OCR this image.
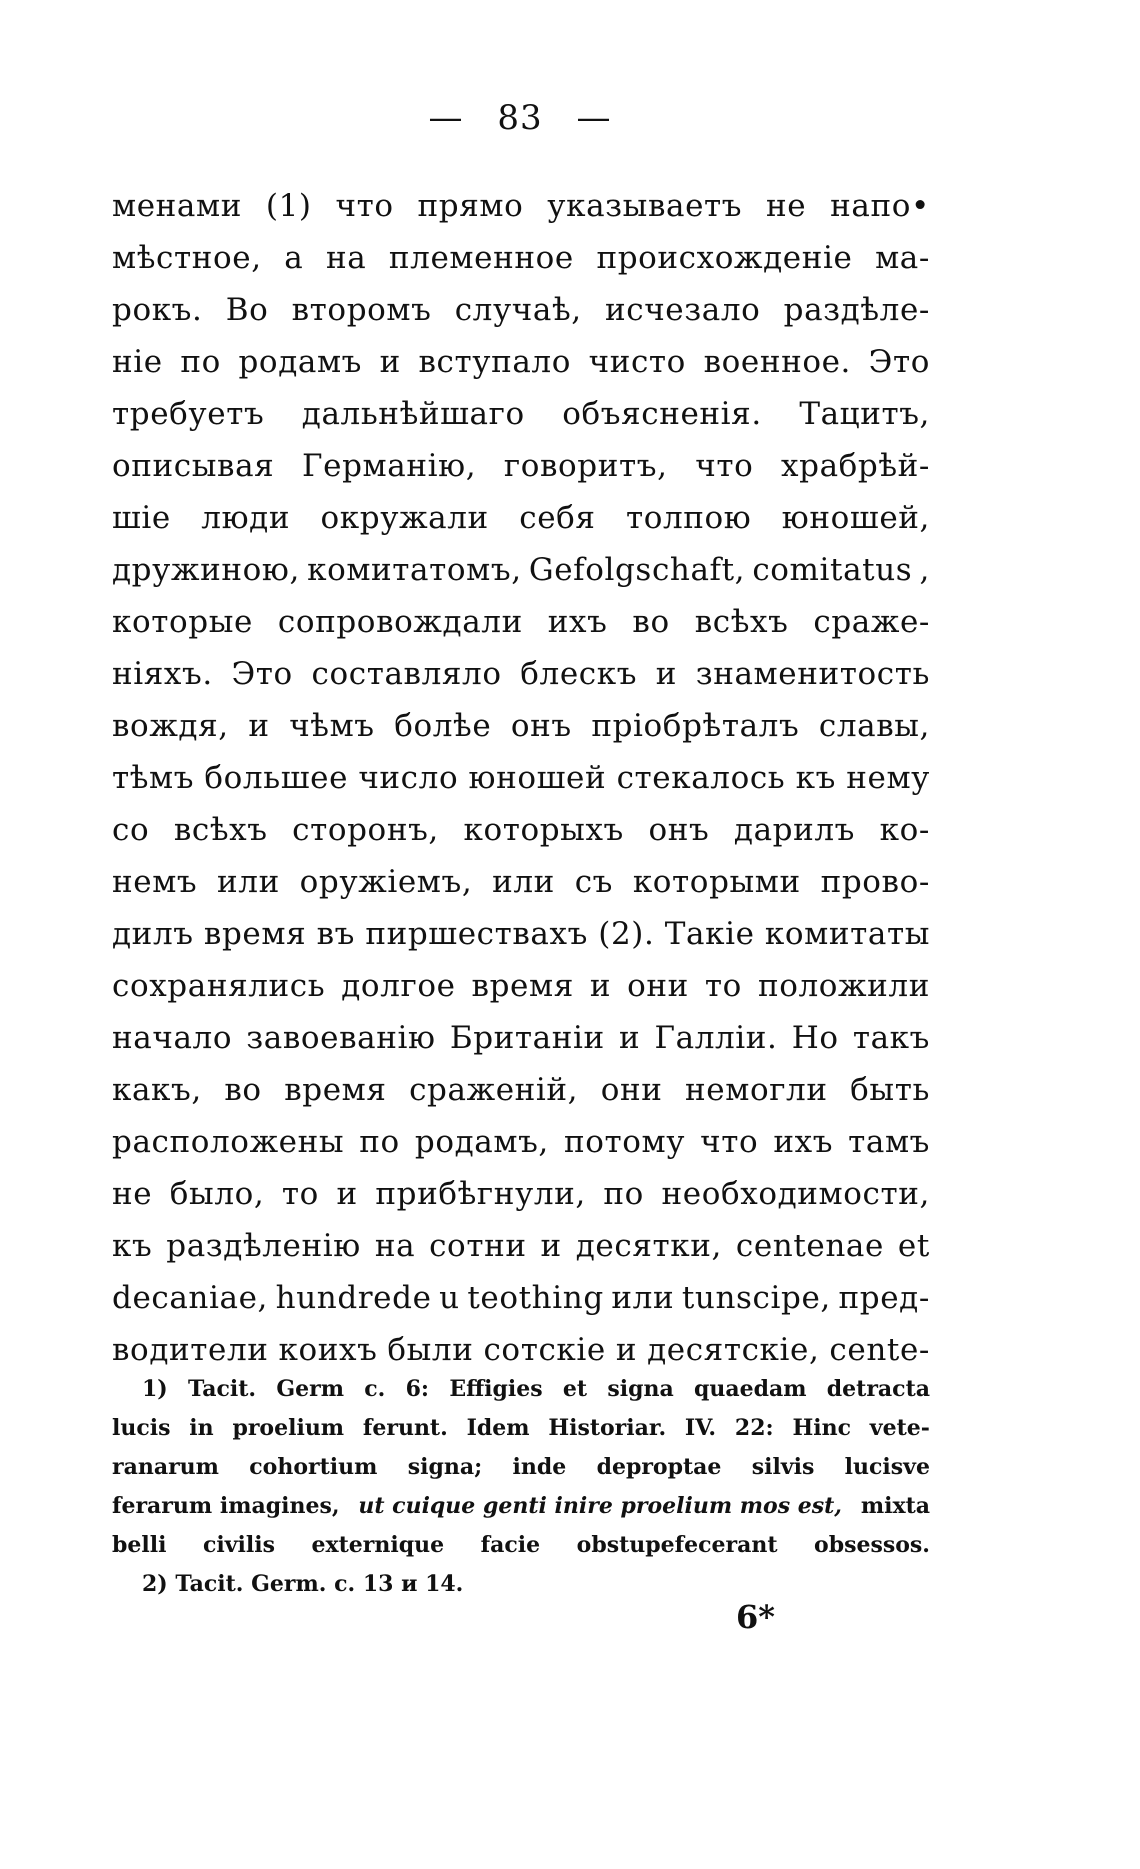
— 83 —
менами (1) что прямо указываетъ не напо•
мѣстное, а на племенное происхожденіе ма-
рокъ. Во второмъ случаѣ, исчезало раздѣле-
ніе по родамъ и вступало чисто военное. Это
требуетъ дальнѣйшаго объясненія. Тацитъ,
описывая Германію, говоритъ, что храбрѣй-
шіе люди окружали себя толпою юношей,
дружиною, комитатомъ, Gefolgschaft, comitatus ,
которые сопровождали ихъ во всѣхъ сраже-
ніяхъ. Это составляло блескъ и знаменитость
вождя, и чѣмъ болѣе онъ пріобрѣталъ славы,
тѣмъ большее число юношей стекалось къ нему
со всѣхъ сторонъ, которыхъ онъ дарилъ ко-
немъ или оружіемъ, или съ которыми прово-
дилъ время въ пиршествахъ (2). Такіе комитаты
сохранялись долгое время и они то положили
начало завоеванію Британіи и Галліи. Но такъ
какъ, во время сраженій, они немогли быть
расположены по родамъ, потому что ихъ тамъ
не было, то и прибѣгнули, по необходимости,
къ раздѣленію на сотни и десятки, centenae et
decaniae, hundrede u teothing или tunscipe, пред-
водители коихъ были сотскіе и десятскіе, cente-
1) Tacit. Germ c. 6: Effigies et signa quaedam detracta
lucis in proelium ferunt. Idem Historiar. IV. 22: Hinc vete-
ranarum cohortium signa; inde deproptae silvis lucisve
ferarum imagines, ut cuique genti inire proelium mos est, mixta
belli civilis externique facie obstupefecerant obsessos.
2) Tacit. Germ. c. 13 и 14.
6*
